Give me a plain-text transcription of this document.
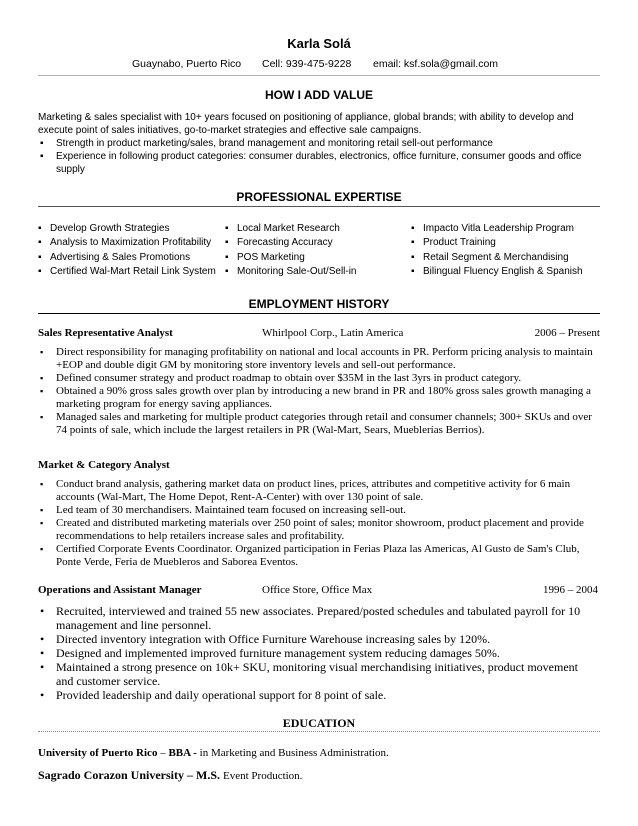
Karla Solá
Guaynabo, Puerto Rico Cell: 939-475-9228 email: ksf.sola@gmail.com
HOW I ADD VALUE
Marketing & sales specialist with 10+ years focused on positioning of appliance, global brands; with ability to develop and execute point of sales initiatives, go-to-market strategies and effective sale campaigns.
▪ Strength in product marketing/sales, brand management and monitoring retail sell-out performance
▪ Experience in following product categories: consumer durables, electronics, office furniture, consumer goods and office supply
PROFESSIONAL EXPERTISE
▪ Develop Growth Strategies
▪ Analysis to Maximization Profitability
▪ Advertising & Sales Promotions
▪ Certified Wal-Mart Retail Link System
▪ Local Market Research
▪ Forecasting Accuracy
▪ POS Marketing
▪ Monitoring Sale-Out/Sell-in
▪ Impacto Vitla Leadership Program
▪ Product Training
▪ Retail Segment & Merchandising
▪ Bilingual Fluency English & Spanish
EMPLOYMENT HISTORY
Sales Representative Analyst	Whirlpool Corp., Latin America	2006 – Present
▪ Direct responsibility for managing profitability on national and local accounts in PR. Perform pricing analysis to maintain +EOP and double digit GM by monitoring store inventory levels and sell-out performance.
▪ Defined consumer strategy and product roadmap to obtain over $35M in the last 3yrs in product category.
▪ Obtained a 90% gross sales growth over plan by introducing a new brand in PR and 180% gross sales growth managing a marketing program for energy saving appliances.
▪ Managed sales and marketing for multiple product categories through retail and consumer channels; 300+ SKUs and over 74 points of sale, which include the largest retailers in PR (Wal-Mart, Sears, Mueblerías Berrios).
Market & Category Analyst
▪ Conduct brand analysis, gathering market data on product lines, prices, attributes and competitive activity for 6 main accounts (Wal-Mart, The Home Depot, Rent-A-Center) with over 130 point of sale.
▪ Led team of 30 merchandisers. Maintained team focused on increasing sell-out.
▪ Created and distributed marketing materials over 250 point of sales; monitor showroom, product placement and provide recommendations to help retailers increase sales and profitability.
▪ Certified Corporate Events Coordinator. Organized participation in Ferias Plaza las Americas, Al Gusto de Sam's Club, Ponte Verde, Feria de Muebleros and Saborea Eventos.
Operations and Assistant Manager	Office Store, Office Max	1996 – 2004
• Recruited, interviewed and trained 55 new associates. Prepared/posted schedules and tabulated payroll for 10 management and line personnel.
• Directed inventory integration with Office Furniture Warehouse increasing sales by 120%.
• Designed and implemented improved furniture management system reducing damages 50%.
• Maintained a strong presence on 10k+ SKU, monitoring visual merchandising initiatives, product movement and customer service.
• Provided leadership and daily operational support for 8 point of sale.
EDUCATION
University of Puerto Rico – BBA - in Marketing and Business Administration.
Sagrado Corazon University – M.S. Event Production.
